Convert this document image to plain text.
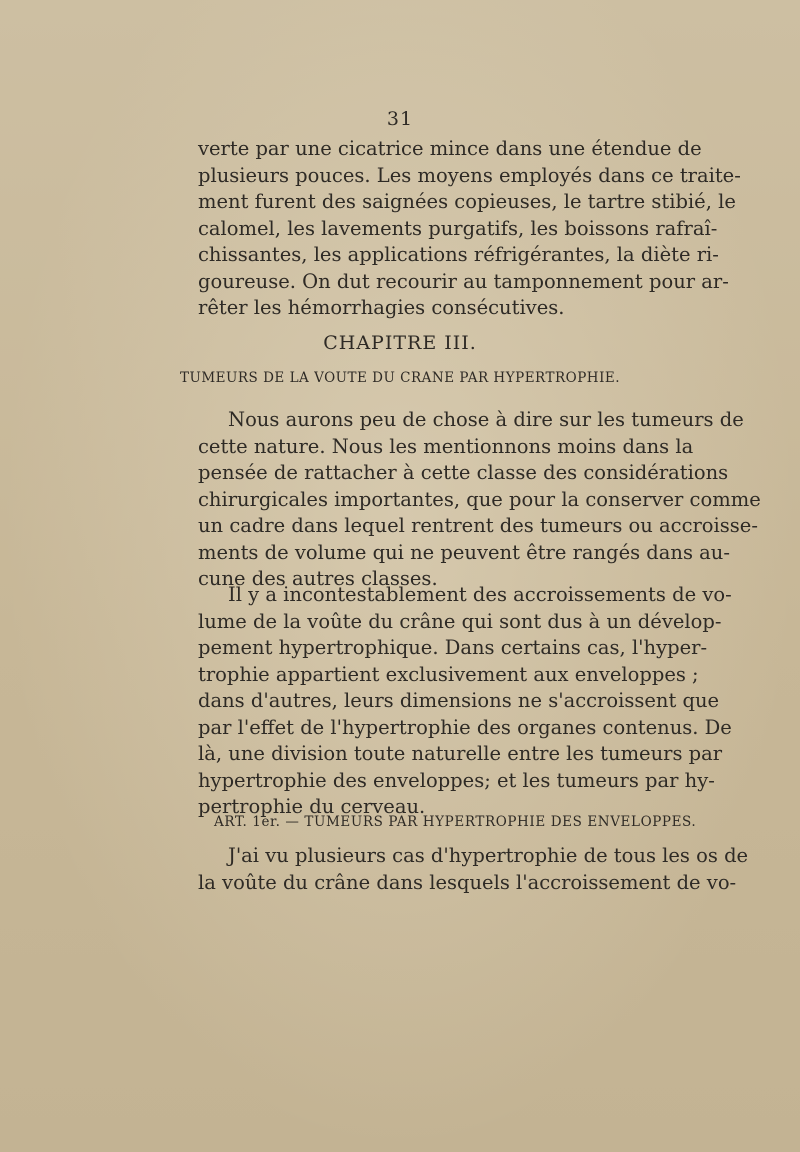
31
verte par une cicatrice mince dans une étendue de
plusieurs pouces. Les moyens employés dans ce traite-
ment furent des saignées copieuses, le tartre stibié, le
calomel, les lavements purgatifs, les boissons rafraî-
chissantes, les applications réfrigérantes, la diète ri-
goureuse. On dut recourir au tamponnement pour ar-
rêter les hémorrhagies consécutives.
CHAPITRE III.
TUMEURS DE LA VOUTE DU CRANE PAR HYPERTROPHIE.
Nous aurons peu de chose à dire sur les tumeurs de
cette nature. Nous les mentionnons moins dans la
pensée de rattacher à cette classe des considérations
chirurgicales importantes, que pour la conserver comme
un cadre dans lequel rentrent des tumeurs ou accroisse-
ments de volume qui ne peuvent être rangés dans au-
cune des autres classes.
Il y a incontestablement des accroissements de vo-
lume de la voûte du crâne qui sont dus à un dévelop-
pement hypertrophique. Dans certains cas, l'hyper-
trophie appartient exclusivement aux enveloppes ;
dans d'autres, leurs dimensions ne s'accroissent que
par l'effet de l'hypertrophie des organes contenus. De
là, une division toute naturelle entre les tumeurs par
hypertrophie des enveloppes; et les tumeurs par hy-
pertrophie du cerveau.
ART. 1er. — TUMEURS PAR HYPERTROPHIE DES ENVELOPPES.
J'ai vu plusieurs cas d'hypertrophie de tous les os de
la voûte du crâne dans lesquels l'accroissement de vo-
